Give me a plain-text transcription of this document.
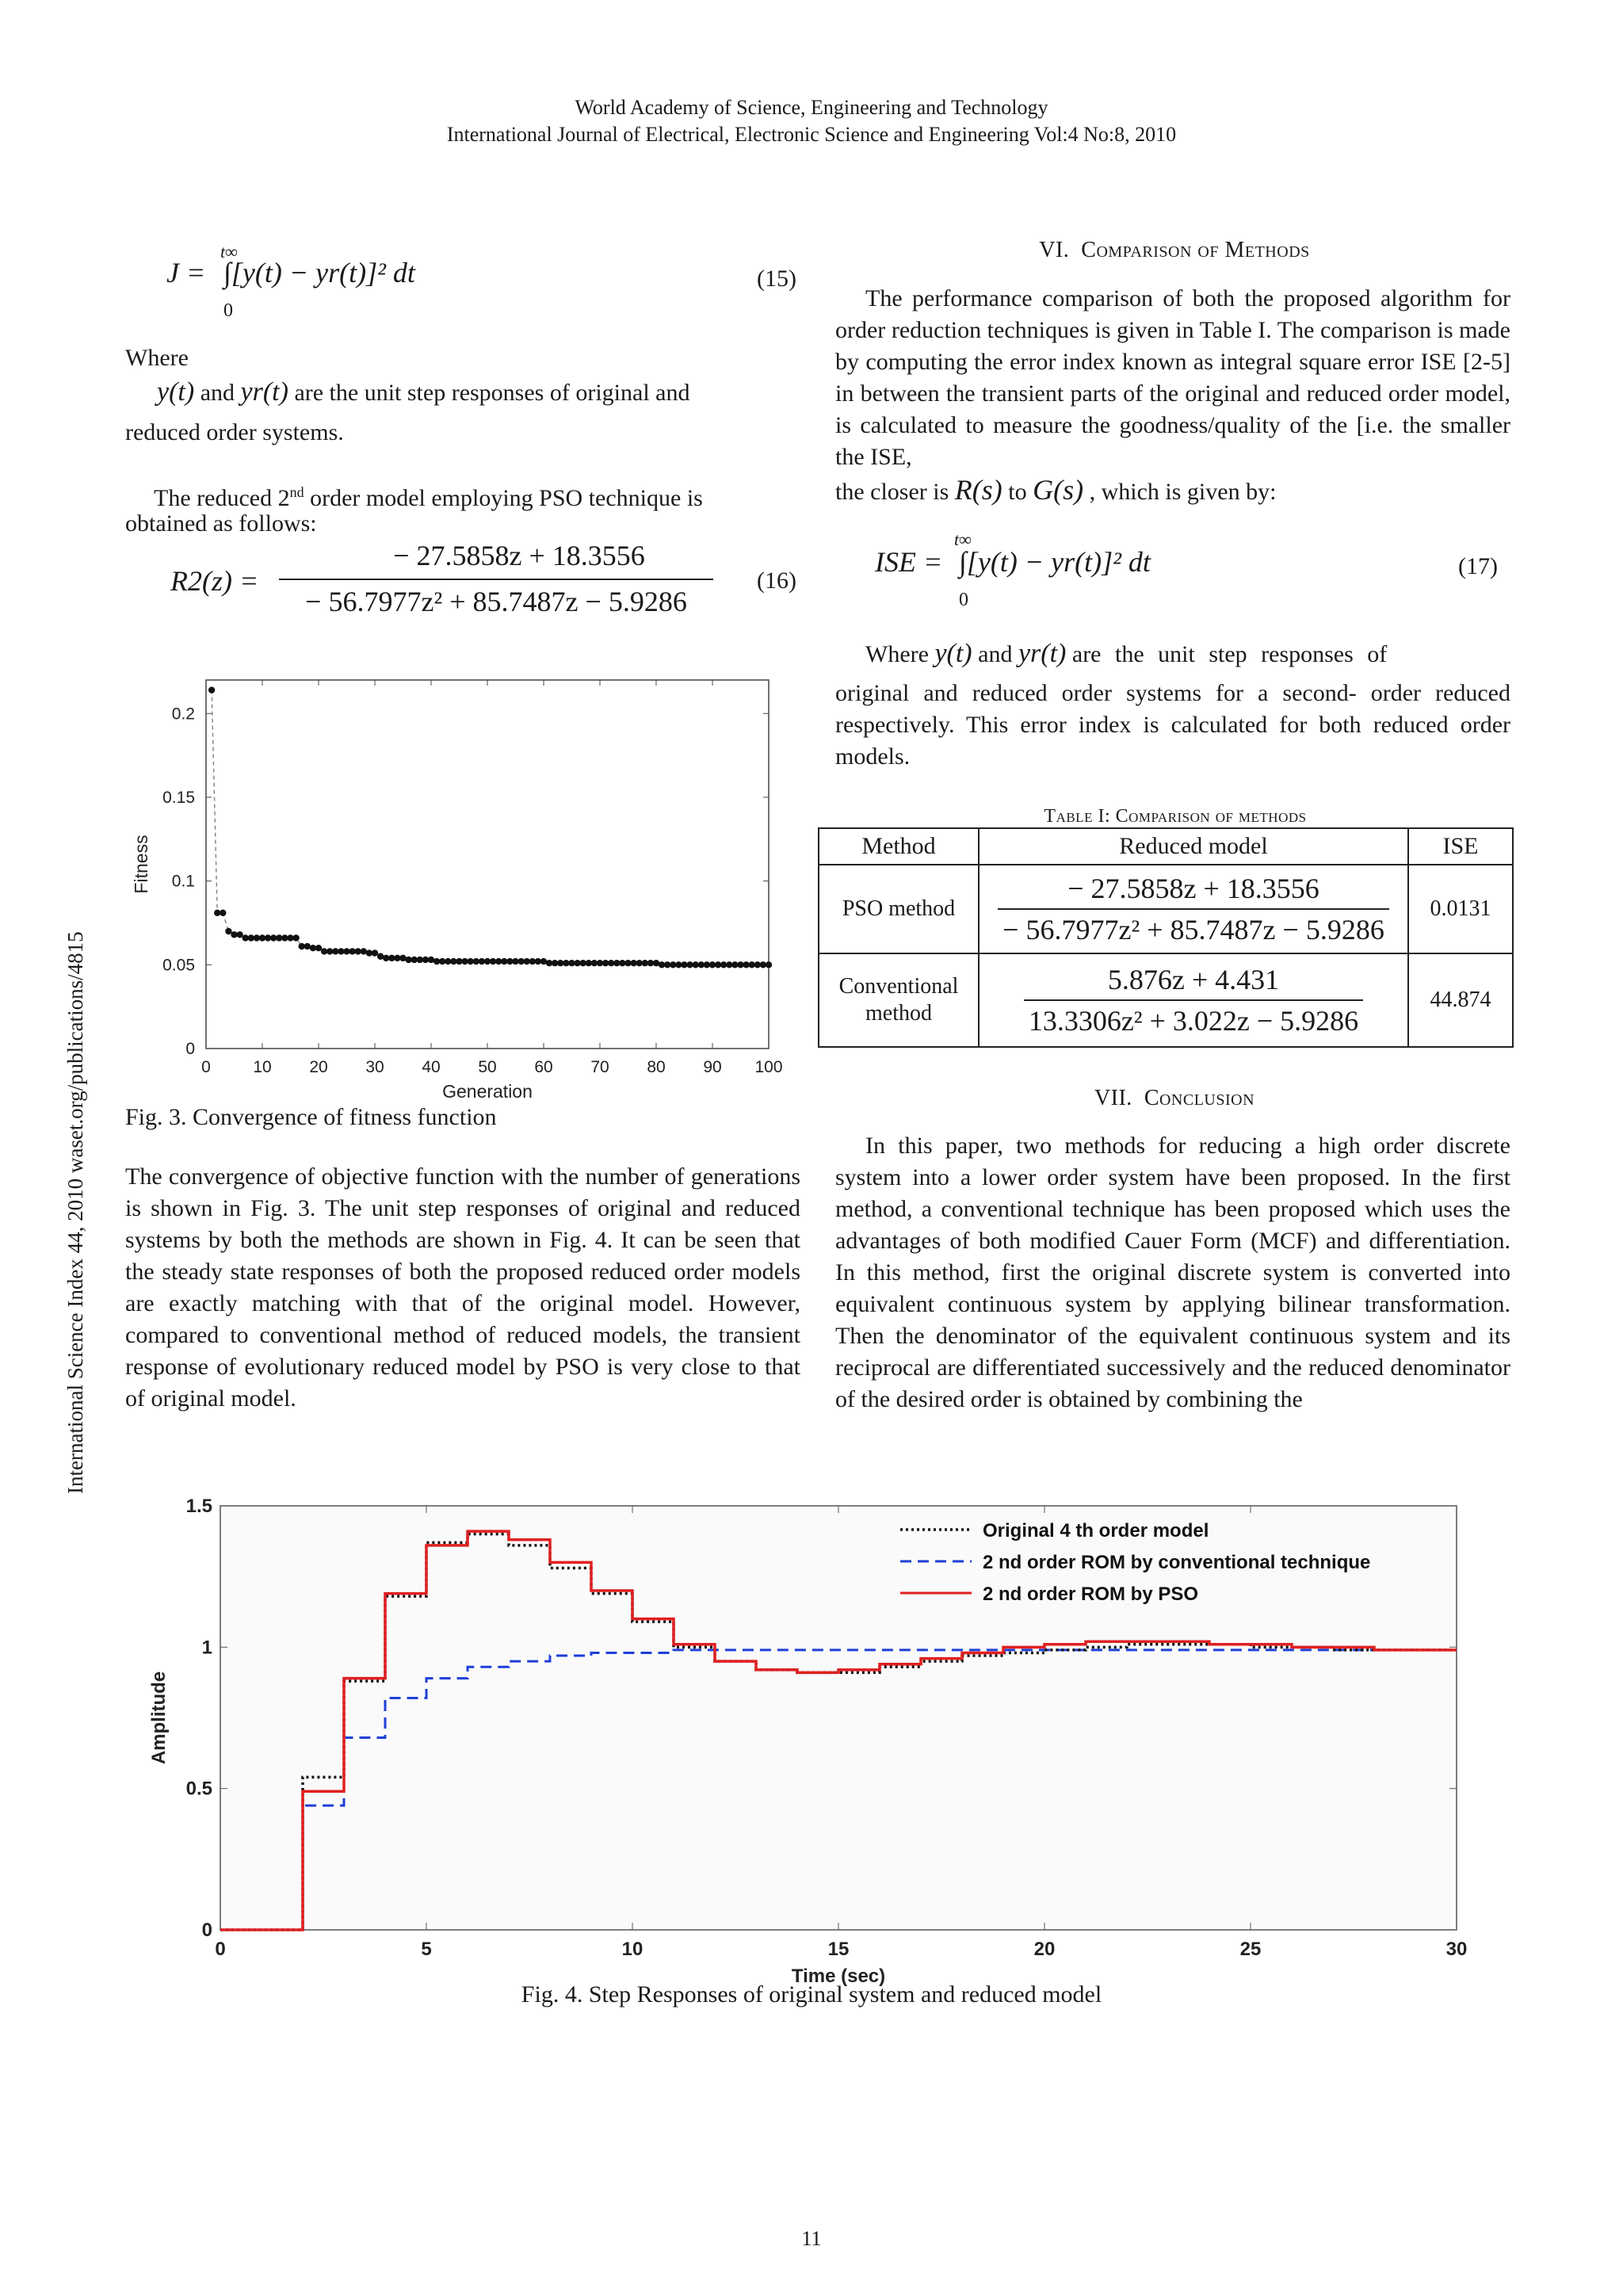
World Academy of Science, Engineering and Technology
International Journal of Electrical, Electronic Science and Engineering Vol:4 No:8, 2010
International Science Index 44, 2010 waset.org/publications/4815
J =
t∞
0
∫[y(t) − yr(t)]² dt	(15)
Where
y(t) and yr(t) are the unit step responses of original and
reduced order systems.
The reduced 2nd order model employing PSO technique is
obtained as follows:
R2(z) =
− 27.5858z + 18.3556
− 56.7977z² + 85.7487z − 5.9286
(16)
0	10 20 30 40 50 60 70 80 90 100
0
0.05
0.1
0.15
0.2
Generation
Fitness
Fig. 3. Convergence of fitness function
The convergence of objective function with the number of generations is shown in Fig. 3. The unit step responses of original and reduced systems by both the methods are shown in Fig. 4. It can be seen that the steady state responses of both the proposed reduced order models are exactly matching with that of the original model. However, compared to conventional method of reduced models, the transient response of evolutionary reduced model by PSO is very close to that of original model.
VI. Comparison of Methods
The performance comparison of both the proposed algorithm for order reduction techniques is given in Table I. The comparison is made by computing the error index known as integral square error ISE [2-5] in between the transient parts of the original and reduced order model, is calculated to measure the goodness/quality of the [i.e. the smaller the ISE,
the closer is R(s) to G(s) , which is given by:
ISE =
t∞
0
∫[y(t) − yr(t)]² dt	(17)
Where y(t) and yr(t) are the unit step responses of
original and reduced order systems for a second- order reduced respectively. This error index is calculated for both reduced order models.
Table I: Comparison of methods
Method	Reduced model	ISE
PSO method	$\frac{- 27.5858z + 18.3556}{\text{− 56.7977z² + 85.7487z − 5.9286}}$	0.0131
Conventional method	$\frac{5.876z + 4.431}{\text{13.3306z² + 3.022z − 5.9286}}$	44.874
VII. Conclusion
In this paper, two methods for reducing a high order discrete system into a lower order system have been proposed. In the first method, a conventional technique has been proposed which uses the advantages of both modified Cauer Form (MCF) and differentiation. In this method, first the original discrete system is converted into equivalent continuous system by applying bilinear transformation. Then the denominator of the equivalent continuous system and its reciprocal are differentiated successively and the reduced denominator of the desired order is obtained by combining the
0	5	10	15	20	25	30
0
0.5
1
1.5
Time (sec)
Amplitude
Original 4 th order model
2 nd order ROM by conventional technique
2 nd order ROM by PSO
Fig. 4. Step Responses of original system and reduced model
11
